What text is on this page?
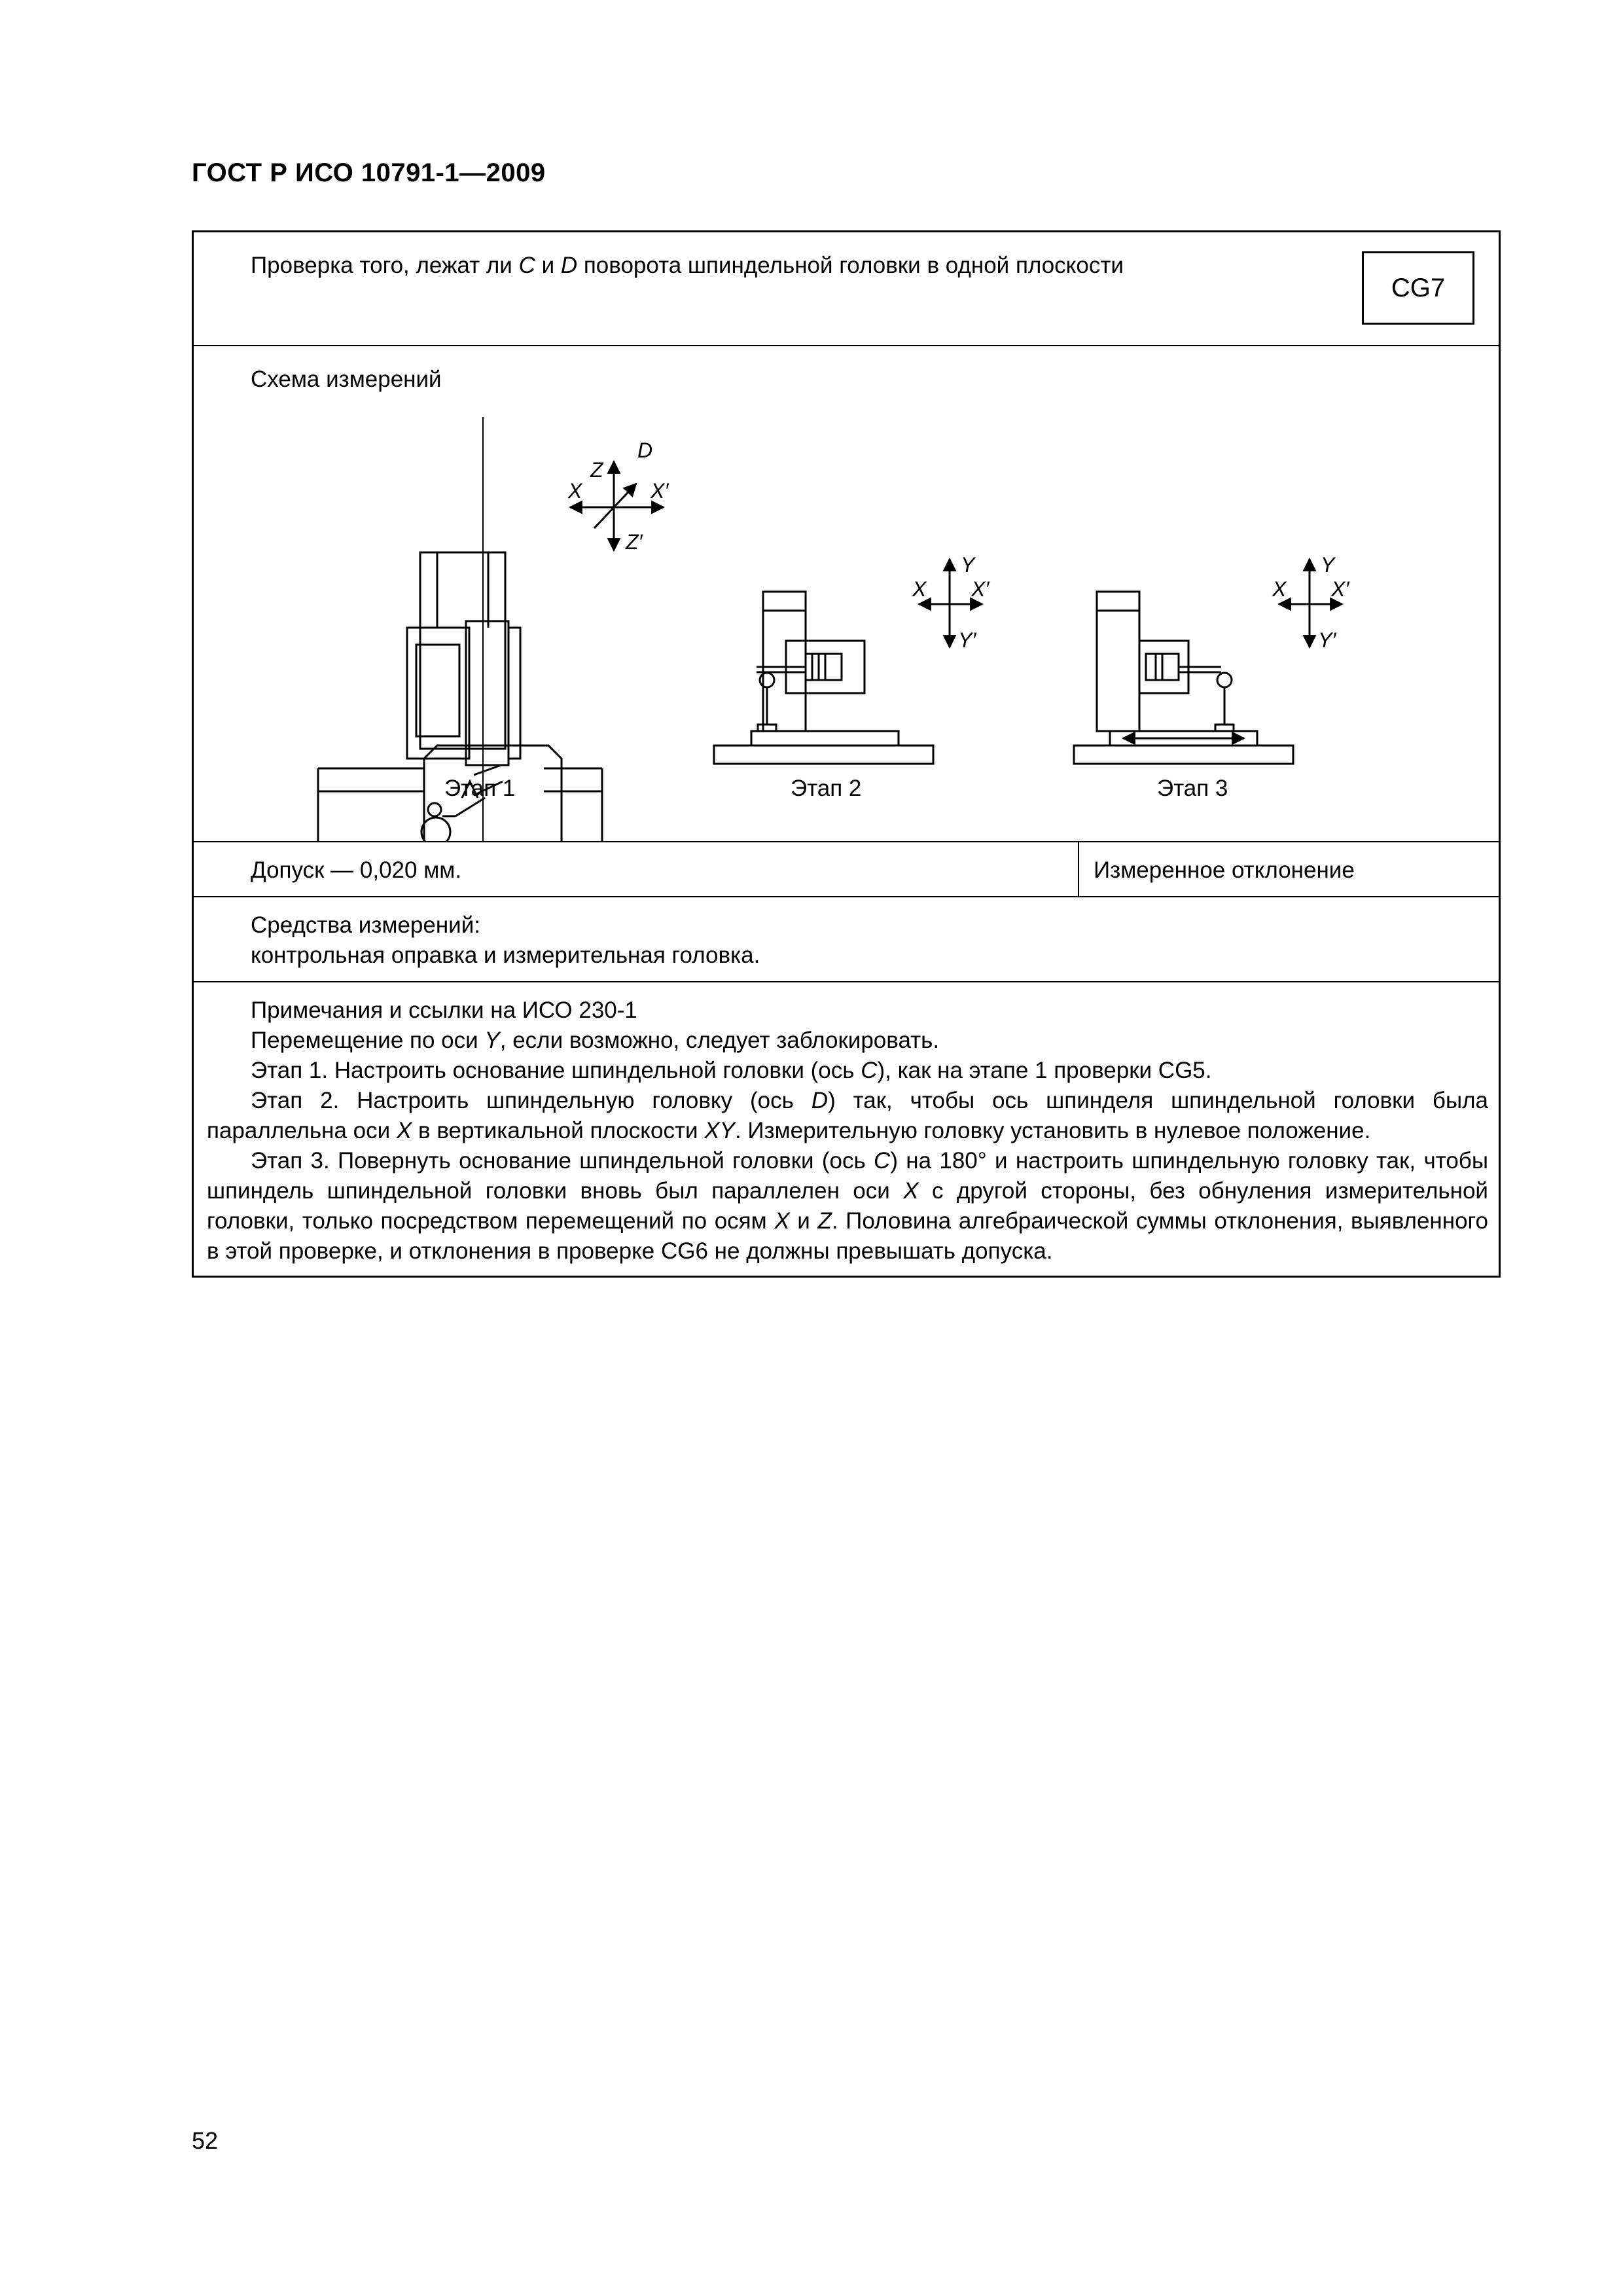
ГОСТ Р ИСО 10791-1—2009
Проверка того, лежат ли C и D поворота шпиндельной головки в одной плоскости
CG7
Схема измерений
Z
D
X	X′
Z′
Y
X X′
Y′
Y
X X′
Y′
Этап 1	Этап 2	Этап 3
Допуск — 0,020 мм.	Измеренное отклонение
Средства измерений:
контрольная оправка и измерительная головка.

Примечания и ссылки на ИСО 230-1

Перемещение по оси Y, если возможно, следует заблокировать.

Этап 1. Настроить основание шпиндельной головки (ось C), как на этапе 1 проверки CG5.

Этап 2. Настроить шпиндельную головку (ось D) так, чтобы ось шпинделя шпиндельной головки была параллельна оси X в вертикальной плоскости XY. Измерительную головку установить в нулевое положение.

Этап 3. Повернуть основание шпиндельной головки (ось C) на 180° и настроить шпиндельную головку так, чтобы шпиндель шпиндельной головки вновь был параллелен оси X с другой стороны, без обнуления измерительной головки, только посредством перемещений по осям X и Z. Половина алгебраической суммы отклонения, выявленного в этой проверке, и отклонения в проверке CG6 не должны превышать допуска.

52
